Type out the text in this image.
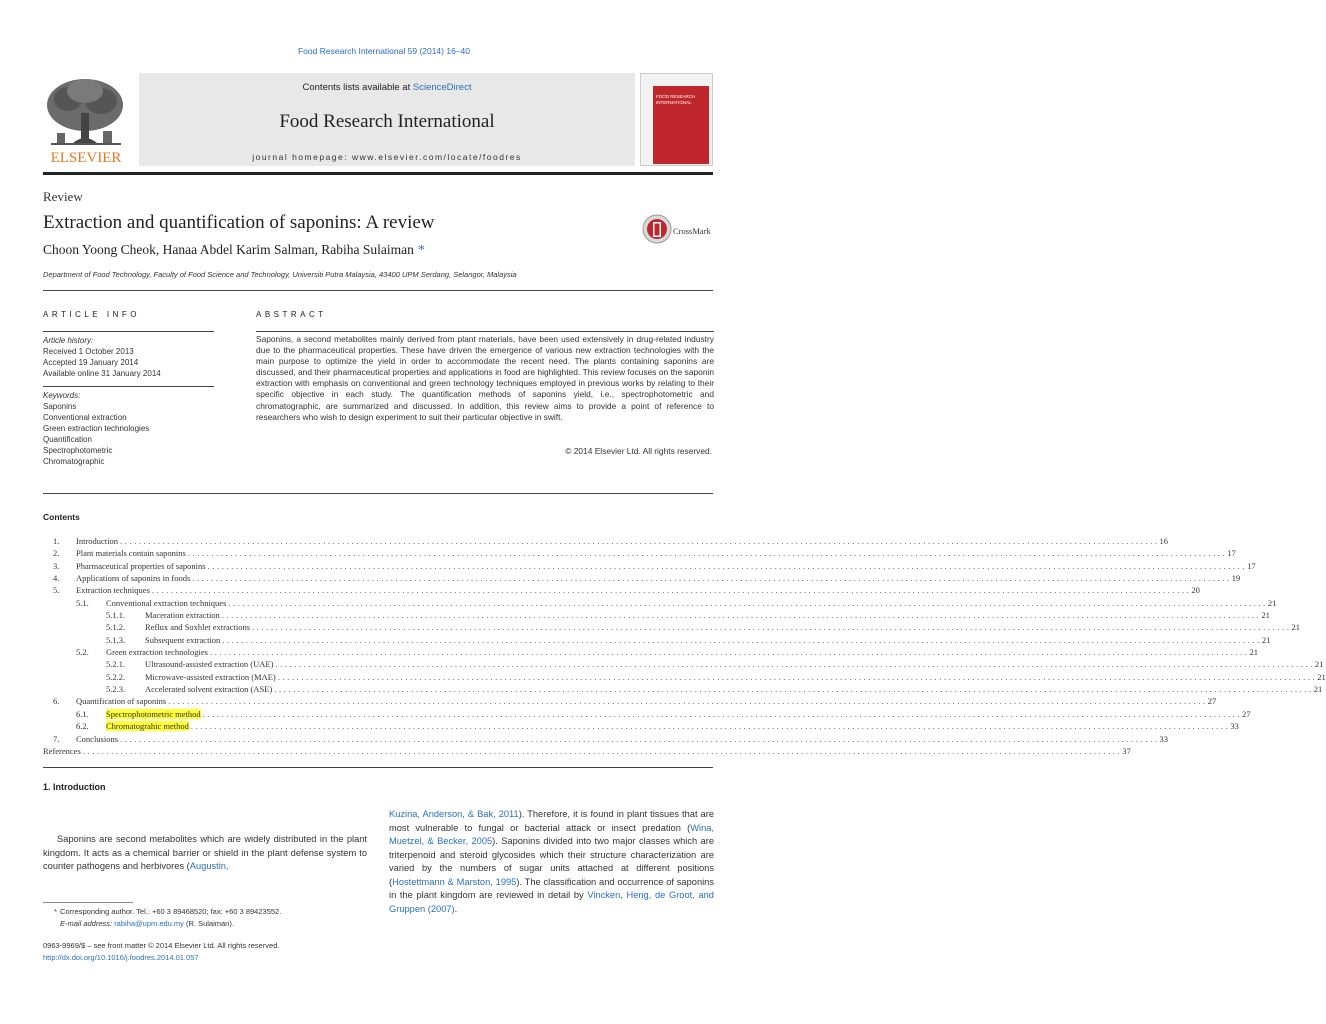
Food Research International 59 (2014) 16–40
ELSEVIER
Contents lists available at ScienceDirect
Food Research International
journal homepage: www.elsevier.com/locate/foodres
FOOD RESEARCH INTERNATIONAL
Review
Extraction and quantification of saponins: A review	CrossMark
Choon Yoong Cheok, Hanaa Abdel Karim Salman, Rabiha Sulaiman *
Department of Food Technology, Faculty of Food Science and Technology, Universiti Putra Malaysia, 43400 UPM Serdang, Selangor, Malaysia
ARTICLE INFO
Article history:
Received 1 October 2013
Accepted 19 January 2014
Available online 31 January 2014
Keywords:
Saponins
Conventional extraction
Green extraction technologies
Quantification
Spectrophotometric
Chromatographic
ABSTRACT
Saponins, a second metabolites mainly derived from plant materials, have been used extensively in drug-related industry due to the pharmaceutical properties. These have driven the emergence of various new extraction technologies with the main purpose to optimize the yield in order to accommodate the recent need. The plants containing saponins are discussed, and their pharmaceutical properties and applications in food are highlighted. This review focuses on the saponin extraction with emphasis on conventional and green technology techniques employed in previous works by relating to their specific objective in each study. The quantification methods of saponins yield, i.e., spectrophotometric and chromatographic, are summarized and discussed. In addition, this review aims to provide a point of reference to researchers who wish to design experiment to suit their particular objective in swift.
© 2014 Elsevier Ltd. All rights reserved.
Contents
1. Introduction ............................................................................................................................................................................................................................ 16
2. Plant materials contain saponins ............................................................................................................................................................................................................................ 17
3. Pharmaceutical properties of saponins ............................................................................................................................................................................................................................ 17
4. Applications of saponins in foods ............................................................................................................................................................................................................................ 19
5. Extraction techniques ............................................................................................................................................................................................................................ 20
5.1. Conventional extraction techniques ............................................................................................................................................................................................................................ 21
5.1.1. Maceration extraction ............................................................................................................................................................................................................................ 21
5.1.2. Reflux and Soxhlet extractions ............................................................................................................................................................................................................................ 21
5.1.3. Subsequent extraction ............................................................................................................................................................................................................................ 21
5.2. Green extraction technologies ............................................................................................................................................................................................................................ 21
5.2.1. Ultrasound-assisted extraction (UAE) ............................................................................................................................................................................................................................ 21
5.2.2. Microwave-assisted extraction (MAE) ............................................................................................................................................................................................................................ 21
5.2.3. Accelerated solvent extraction (ASE) ............................................................................................................................................................................................................................ 21
6. Quantification of saponins ............................................................................................................................................................................................................................ 27
6.1. Spectrophotometric method ............................................................................................................................................................................................................................ 27
6.2. Chromatograhic method ............................................................................................................................................................................................................................ 33
7. Conclusions ............................................................................................................................................................................................................................ 33
References ............................................................................................................................................................................................................................ 37
1. Introduction
Saponins are second metabolites which are widely distributed in the plant kingdom. It acts as a chemical barrier or shield in the plant defense system to counter pathogens and herbivores (Augustin,
Kuzina, Anderson, & Bak, 2011). Therefore, it is found in plant tissues that are most vulnerable to fungal or bacterial attack or insect predation (Wina, Muetzel, & Becker, 2005). Saponins divided into two major classes which are triterpenoid and steroid glycosides which their structure characterization are varied by the numbers of sugar units attached at different positions (Hostettmann & Marston, 1995). The classification and occurrence of saponins in the plant kingdom are reviewed in detail by Vincken, Heng, de Groot, and Gruppen (2007).
* Corresponding author. Tel.: +60 3 89468520; fax: +60 3 89423552.
E-mail address: rabiha@upm.edu.my (R. Sulaiman).
0963-9969/$ – see front matter © 2014 Elsevier Ltd. All rights reserved.
http://dx.doi.org/10.1016/j.foodres.2014.01.057
